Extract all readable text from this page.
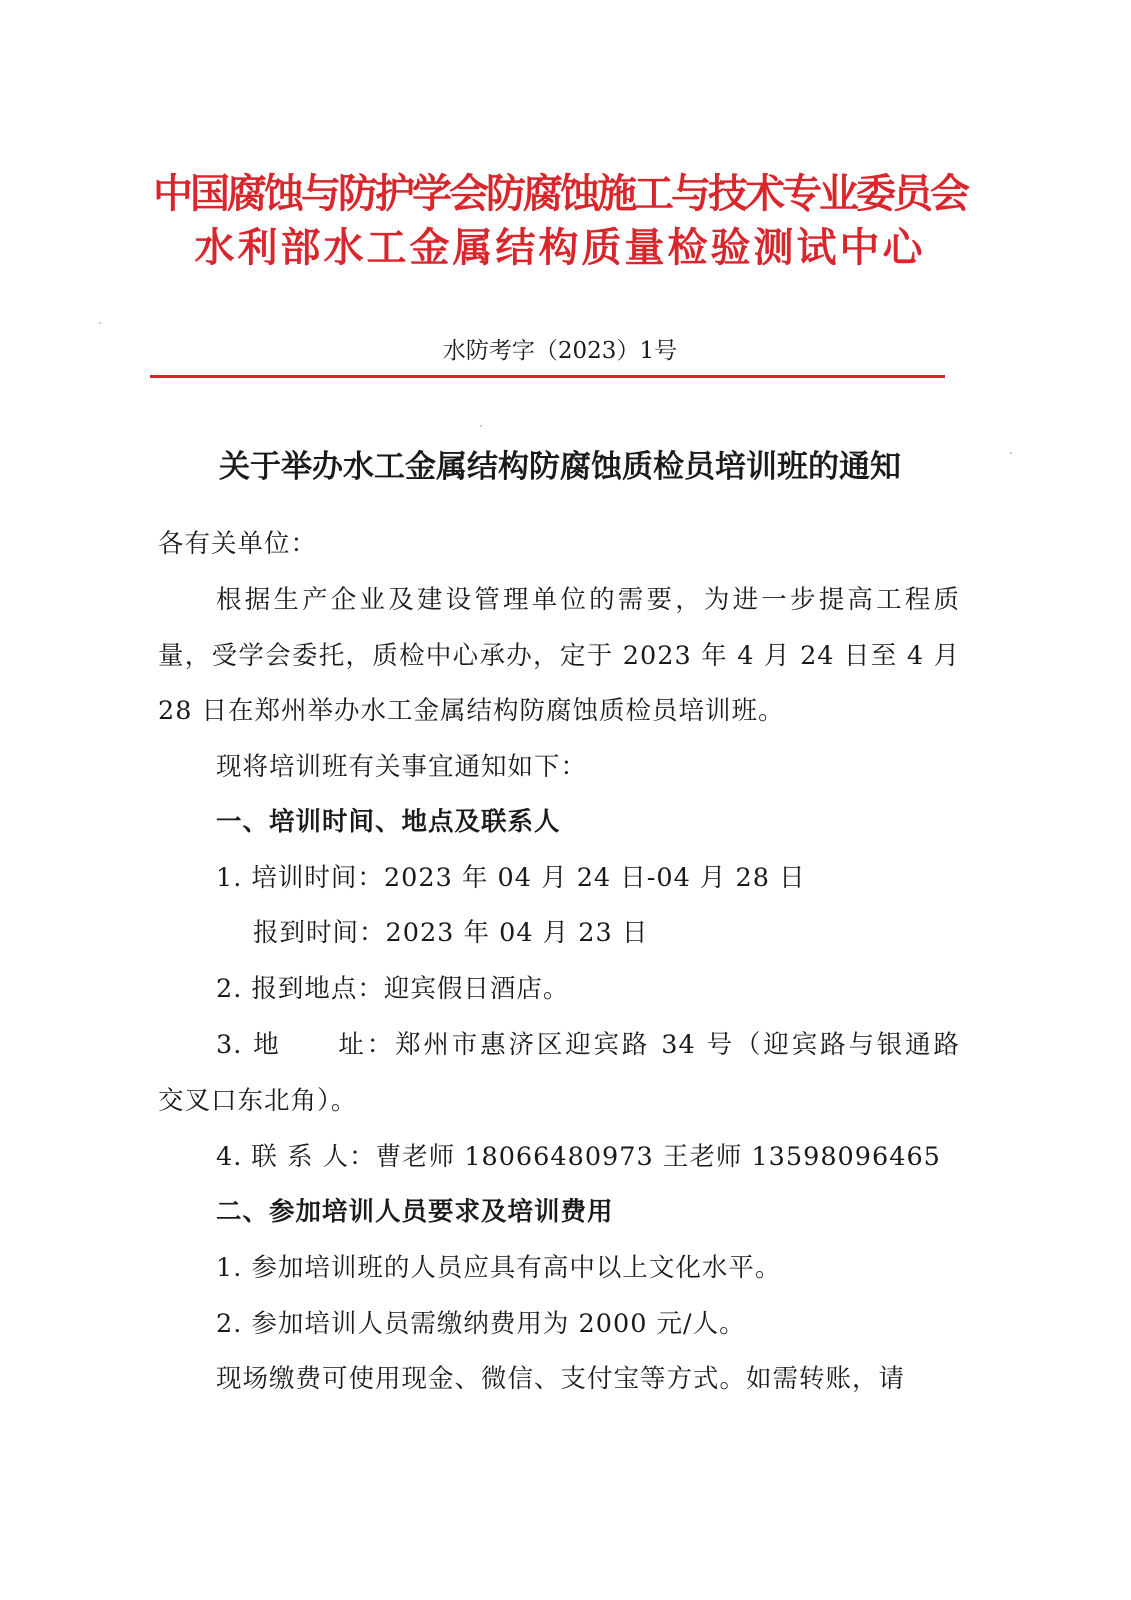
中国腐蚀与防护学会防腐蚀施工与技术专业委员会
水利部水工金属结构质量检验测试中心
水防考字（2023）1号
关于举办水工金属结构防腐蚀质检员培训班的通知
各有关单位：
根据生产企业及建设管理单位的需要，为进一步提高工程质
量，受学会委托，质检中心承办，定于 2023 年 4 月 24 日至 4 月
28 日在郑州举办水工金属结构防腐蚀质检员培训班。
现将培训班有关事宜通知如下：
一、培训时间、地点及联系人
1. 培训时间：2023 年 04 月 24 日-04 月 28 日
报到时间：2023 年 04 月 23 日
2. 报到地点：迎宾假日酒店。
3. 地　　址：郑州市惠济区迎宾路 34 号（迎宾路与银通路
交叉口东北角）。
4. 联 系 人：曹老师 18066480973 王老师 13598096465
二、参加培训人员要求及培训费用
1. 参加培训班的人员应具有高中以上文化水平。
2. 参加培训人员需缴纳费用为 2000 元/人。
现场缴费可使用现金、微信、支付宝等方式。如需转账，请
